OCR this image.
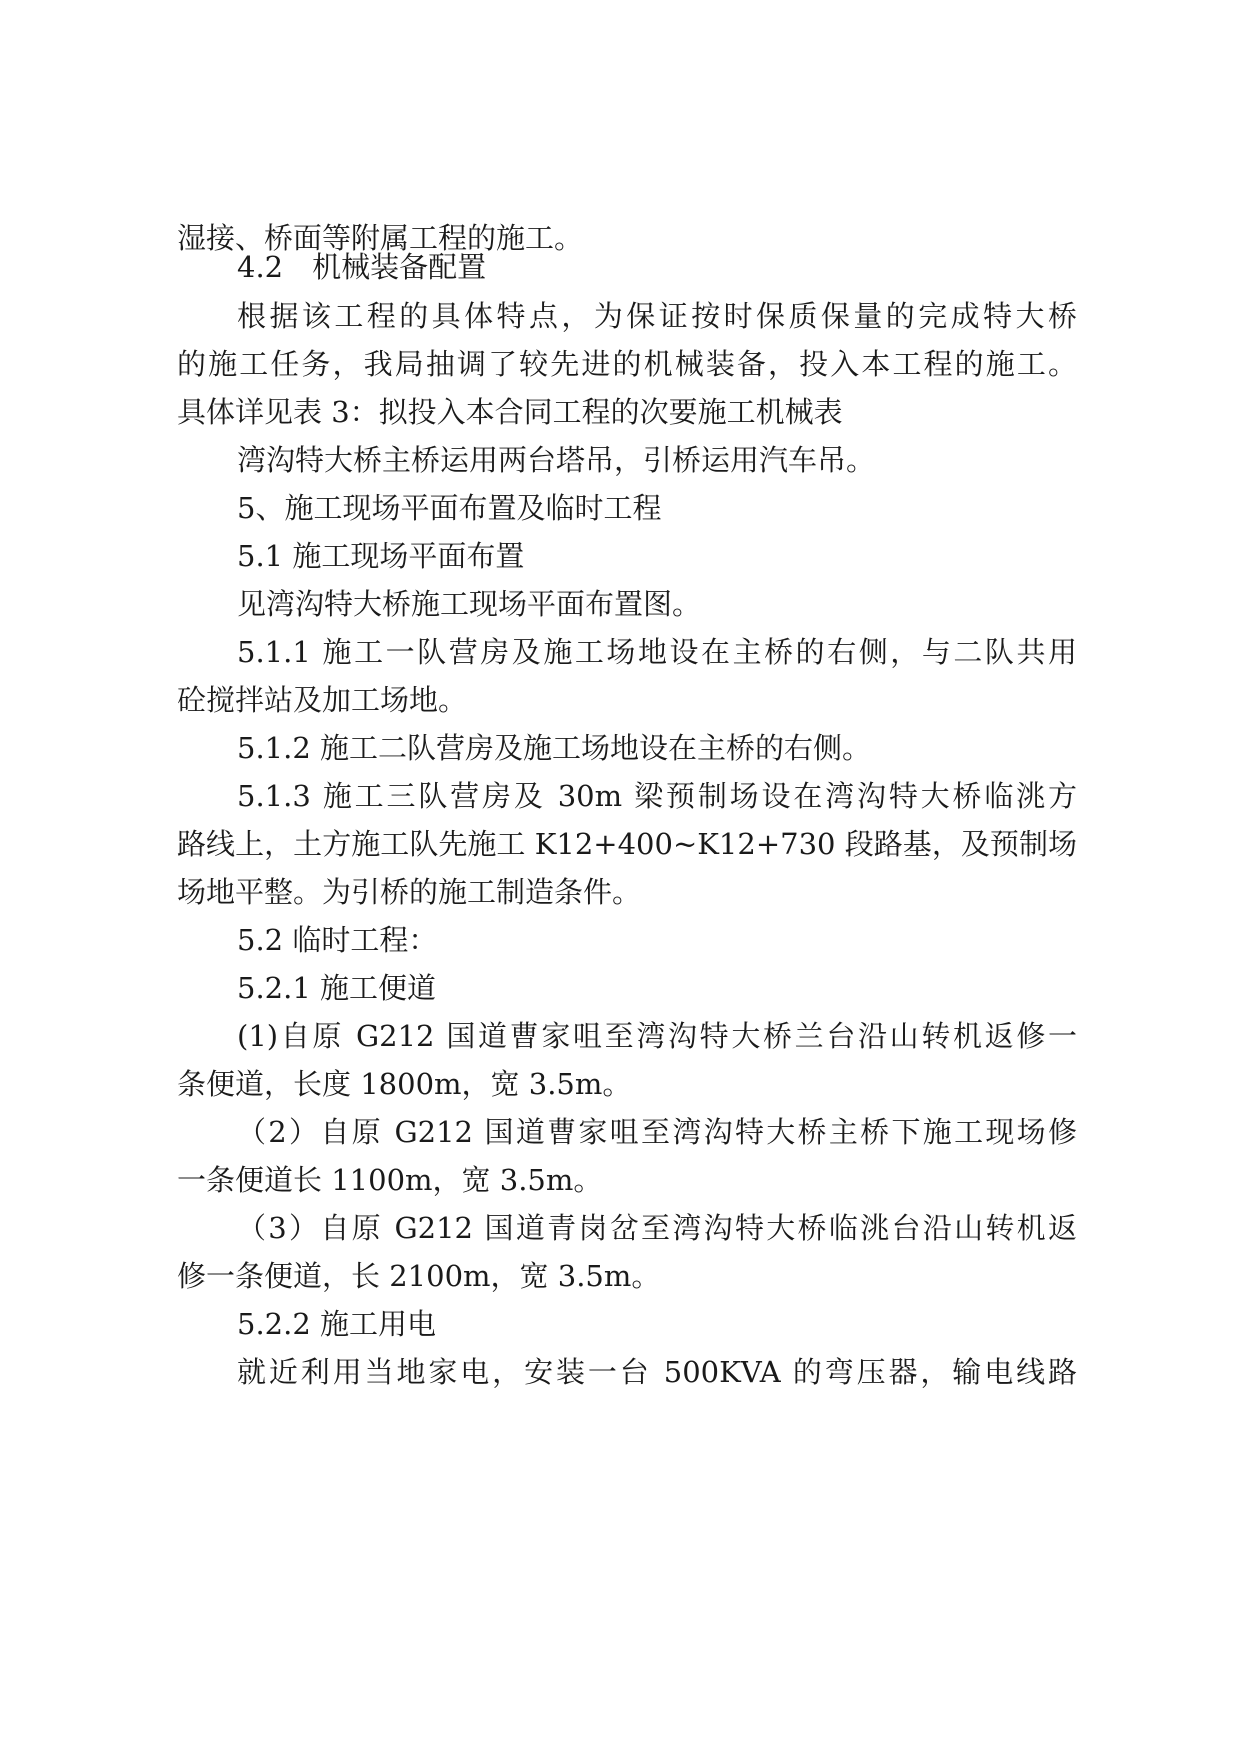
湿接、桥面等附属工程的施工。
4.2　机械装备配置
根据该工程的具体特点，为保证按时保质保量的完成特大桥
的施工任务，我局抽调了较先进的机械装备，投入本工程的施工。
具体详见表 3：拟投入本合同工程的次要施工机械表
湾沟特大桥主桥运用两台塔吊，引桥运用汽车吊。
5、施工现场平面布置及临时工程
5.1 施工现场平面布置
见湾沟特大桥施工现场平面布置图。
5.1.1 施工一队营房及施工场地设在主桥的右侧，与二队共用
砼搅拌站及加工场地。
5.1.2 施工二队营房及施工场地设在主桥的右侧。
5.1.3 施工三队营房及 30m 梁预制场设在湾沟特大桥临洮方
路线上，土方施工队先施工 K12+400~K12+730 段路基，及预制场
场地平整。为引桥的施工制造条件。
5.2 临时工程：
5.2.1 施工便道
(1)自原 G212 国道曹家咀至湾沟特大桥兰台沿山转机返修一
条便道，长度 1800m，宽 3.5m。
（2）自原 G212 国道曹家咀至湾沟特大桥主桥下施工现场修
一条便道长 1100m，宽 3.5m。
（3）自原 G212 国道青岗岔至湾沟特大桥临洮台沿山转机返
修一条便道，长 2100m，宽 3.5m。
5.2.2 施工用电
就近利用当地家电，安装一台 500KVA 的弯压器，输电线路
